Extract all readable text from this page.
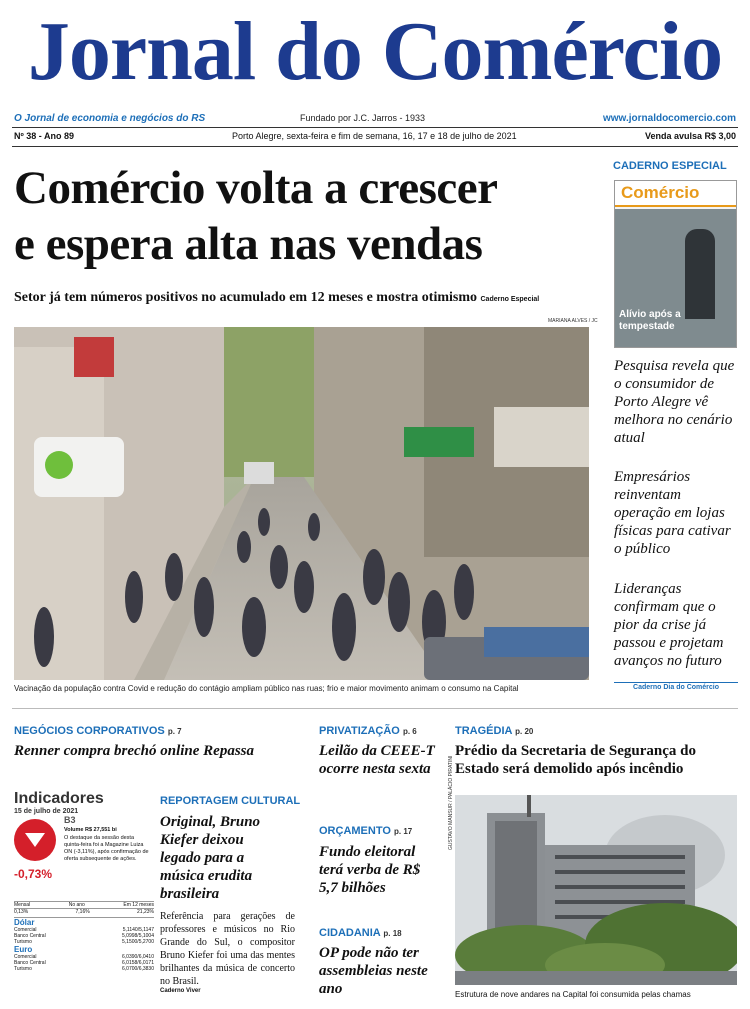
Jornal do Comércio
O Jornal de economia e negócios do RS	Fundado por J.C. Jarros - 1933	www.jornaldocomercio.com
Nº 38 - Ano 89	Porto Alegre, sexta-feira e fim de semana, 16, 17 e 18 de julho de 2021	Venda avulsa R$ 3,00
Comércio volta a crescer
e espera alta nas vendas
Setor já tem números positivos no acumulado em 12 meses e mostra otimismo Caderno Especial
MARIANA ALVES / JC
Vacinação da população contra Covid e redução do contágio ampliam público nas ruas; frio e maior movimento animam o consumo na Capital
CADERNO ESPECIAL
Comércio
Alívio após a tempestade
Pesquisa revela que o consumidor de Porto Alegre vê melhora no cenário atual
Empresários reinventam operação em lojas físicas para cativar o público
Lideranças confirmam que o pior da crise já passou e projetam avanços no futuro
Caderno Dia do Comércio
NEGÓCIOS CORPORATIVOS p. 7
Renner compra brechó online Repassa
Indicadores
15 de julho de 2021
-0,73%
B3
Volume R$ 27,551 bi
O destaque da sessão desta quinta-feira foi a Magazine Luiza ON (-3,11%), após confirmação de oferta subsequente de ações.
Mensal	No ano	Em 12 meses
0,13%	7,16%	21,23%
Dólar
Comercial	5,1140/5,1147
Banco Central	5,0998/5,1004
Turismo	5,1500/5,2700
Euro
Comercial	6,0390/6,0410
Banco Central	6,0158/6,0171
Turismo	6,0700/6,3830
REPORTAGEM CULTURAL
Original, Bruno Kiefer deixou legado para a música erudita brasileira
Referência para gerações de professores e músicos no Rio Grande do Sul, o compositor Bruno Kiefer foi uma das mentes brilhantes da música de concerto no Brasil.
Caderno Viver
PRIVATIZAÇÃO p. 6
Leilão da CEEE-T ocorre nesta sexta
ORÇAMENTO p. 17
Fundo eleitoral terá verba de R$ 5,7 bilhões
CIDADANIA p. 18
OP pode não ter assembleias neste ano
TRAGÉDIA p. 20
Prédio da Secretaria de Segurança do Estado será demolido após incêndio
GUSTAVO MANSUR / PALÁCIO PIRATINI
Estrutura de nove andares na Capital foi consumida pelas chamas
